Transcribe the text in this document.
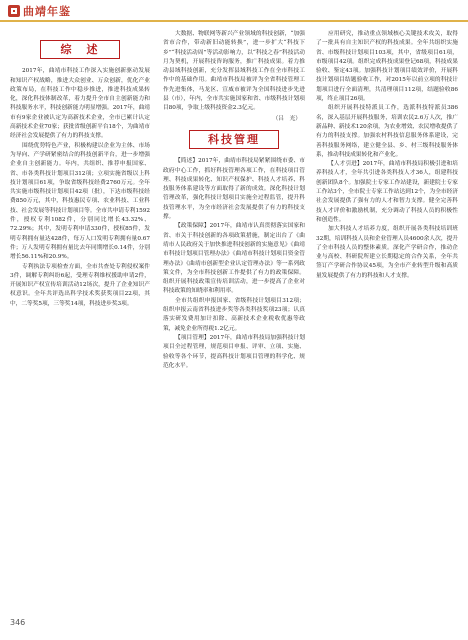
曲靖年鉴
综　述

2017年，曲靖市科技工作深入实施创新驱动发展和知识产权战略，推进大众创业、万众创新，优化产业政策布局，在科技工作中稳步推进，推进科技成果转化，深化科技体制改革，着力提升全市自主创新能力和科技服务水平，科技创新能力明显增强。2017年，曲靖市有9家企业被认定为高新技术企业，全市已累计认定高新技术企业70家；获批省级创新平台18个，为曲靖市经济社会发展提供了有力的科技支撑。

围绕优势特色产业，积极构建以企业为主体、市场为导向、产学研紧密结合的科技创新平台，进一步增强企业自主创新能力。年内，共组织、推荐申报国家、省、市各类科技计划项目312项；立项实施省级以上科技计划项目61项，争取省级科技经费2760万元。全年共实施市级科技计划项目42项（批），下达市级科技经费850万元，其中，科技惠民专项、农业科技、工业科技、社会发展等科技计划项目等。全市共申请专利1592件，授权专利1082件，分别同比增长43.32%、72.29%；其中，发明专利申请330件，授权85件，发明专利拥有量达428件，每万人口发明专利拥有量0.67件；万人发明专利拥有量比去年同期增长0.14件，分别增长56.11%和20.9%。

专利执法专项检查方面，全市共查处专利侵权案件3件，调解专利纠纷6起，受理专利维权援助申请2件，开展知识产权宣传培训活动12场次，提升了企业知识产权意识。全年共评选出科学技术奖获奖项目22项，其中，二等奖5项，三等奖14项，科技进步奖3项。

大数据、物联网等新兴产业领域的科技创新，“加强省市合作，带动新旧动能转换”，进一步扩大“科技下乡”“科技活动周”等活动影响力，以“科技之春”科技活动月为契机，开展科技咨询服务，推广科技成果。着力推动县域科技创新，充分发挥县域科技工作在全市科技工作中的基础作用。曲靖市科技局被评为全省科技管理工作先进集体，马龙区、宣威市被评为全国科技进步先进县（市），年内，全市共实施国家和省、市级科技计划项目80项，争取上级科技资金2.3亿元。

（吕　光）
科技管理

【简述】2017年，曲靖市科技局紧紧围绕市委、市政府中心工作，抓好科技管理各项工作，在科技项目管理、科技成果转化、知识产权保护、科技人才培养、科技服务体系建设等方面取得了新的成效。深化科技计划管理改革，强化科技计划项目实施全过程监管，提升科技管理水平，为全市经济社会发展提供了有力的科技支撑。

【政策保障】2017年，曲靖市认真贯彻落实国家和省、市关于科技创新的各项政策措施，制定出台了《曲靖市人民政府关于加快推进科技创新的实施意见》《曲靖市科技计划项目管理办法》《曲靖市科技计划项目资金管理办法》《曲靖市创新型企业认定管理办法》等一系列政策文件，为全市科技创新工作提供了有力的政策保障。组织开展科技政策宣传培训活动，进一步提高了企业对科技政策的知晓率和利用率。

全市共组织申报国家、省级科技计划项目312项；组织申报云南省科技进步奖等各类科技奖项23项；认真落实研发费用加计扣除、高新技术企业税收优惠等政策，减免企业所得税1.2亿元。

【项目管理】2017年，曲靖市科技局加强科技计划项目全过程管理，规范项目申报、评审、立项、实施、验收等各个环节，提高科技计划项目管理的科学化、规范化水平。

应用研究，推动重点领域核心关键技术攻关，取得了一批具有自主知识产权的科技成果。全年共组织实施省、市级科技计划项目103项，其中，省级项目61项，市级项目42项。组织完成科技成果登记68项，科技成果验收、鉴定43项。加强科技计划项目绩效评价，开展科技计划项目结题验收工作，对2015年以前立项的科技计划项目进行全面清理，共清理项目112项，结题验收86项，终止项目26项。

组织开展科技特派员工作，选派科技特派员386名，深入基层开展科技服务，培训农民2.6万人次，推广新品种、新技术120余项，为农业增效、农民增收提供了有力的科技支撑。加强农村科技信息服务体系建设，完善科技服务网络，建立健全县、乡、村三级科技服务体系，推动科技成果转化和产业化。

【人才引进】2017年，曲靖市科技局积极引进和培养科技人才，全年共引进各类科技人才36人，组建科技创新团队8个。加强院士专家工作站建设，新建院士专家工作站3个，全市院士专家工作站达到12个，为全市经济社会发展提供了强有力的人才和智力支撑。健全完善科技人才评价和激励机制，充分调动了科技人员的积极性和创造性。

加大科技人才培养力度，组织开展各类科技培训班32期，培训科技人员和企业管理人员4600余人次，提升了全市科技人员的整体素质。深化产学研合作，推动企业与高校、科研院所建立长期稳定的合作关系，全年共签订产学研合作协议45项，为全市产业转型升级和高质量发展提供了有力的科技和人才支撑。

346
